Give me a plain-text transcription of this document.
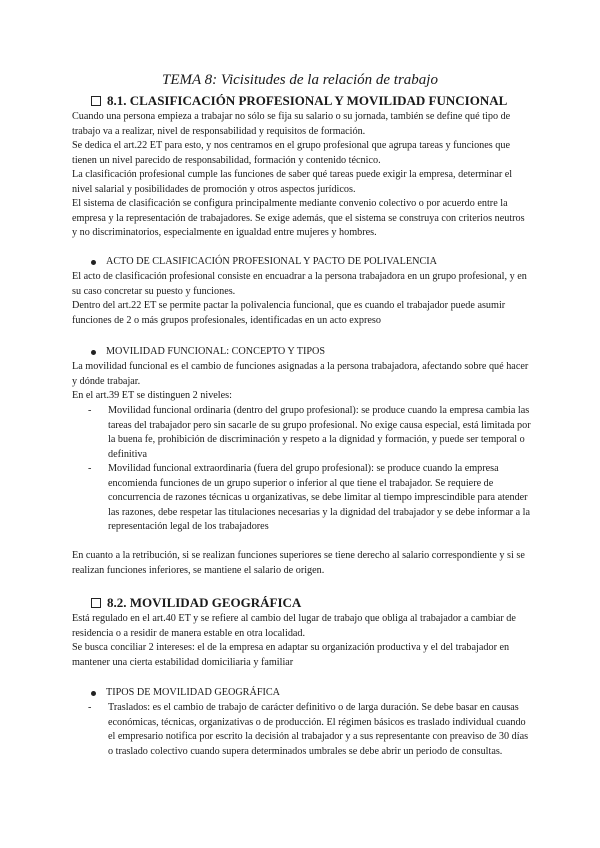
TEMA 8: Vicisitudes de la relación de trabajo
8.1. CLASIFICACIÓN PROFESIONAL Y MOVILIDAD FUNCIONAL

Cuando una persona empieza a trabajar no sólo se fija su salario o su jornada, también se define qué tipo de trabajo va a realizar, nivel de responsabilidad y requisitos de formación.

Se dedica el art.22 ET para esto, y nos centramos en el grupo profesional que agrupa tareas y funciones que tienen un nivel parecido de responsabilidad, formación y contenido técnico.

La clasificación profesional cumple las funciones de saber qué tareas puede exigir la empresa, determinar el nivel salarial y posibilidades de promoción y otros aspectos jurídicos.

El sistema de clasificación se configura principalmente mediante convenio colectivo o por acuerdo entre la empresa y la representación de trabajadores. Se exige además, que el sistema se construya con criterios neutros y no discriminatorios, especialmente en igualdad entre mujeres y hombres.

ACTO DE CLASIFICACIÓN PROFESIONAL Y PACTO DE POLIVALENCIA

El acto de clasificación profesional consiste en encuadrar a la persona trabajadora en un grupo profesional, y en su caso concretar su puesto y funciones.

Dentro del art.22 ET se permite pactar la polivalencia funcional, que es cuando el trabajador puede asumir funciones de 2 o más grupos profesionales, identificadas en un acto expreso

MOVILIDAD FUNCIONAL: CONCEPTO Y TIPOS

La movilidad funcional es el cambio de funciones asignadas a la persona trabajadora, afectando sobre qué hacer y dónde trabajar.

En el art.39 ET se distinguen 2 niveles:

- Movilidad funcional ordinaria (dentro del grupo profesional): se produce cuando la empresa cambia las tareas del trabajador pero sin sacarle de su grupo profesional. No exige causa especial, está limitada por la buena fe, prohibición de discriminación y respeto a la dignidad y formación, y puede ser temporal o definitiva
- Movilidad funcional extraordinaria (fuera del grupo profesional): se produce cuando la empresa encomienda funciones de un grupo superior o inferior al que tiene el trabajador. Se requiere de concurrencia de razones técnicas u organizativas, se debe limitar al tiempo imprescindible para atender las razones, debe respetar las titulaciones necesarias y la dignidad del trabajador y se debe informar a la representación legal de los trabajadores

En cuanto a la retribución, si se realizan funciones superiores se tiene derecho al salario correspondiente y si se realizan funciones inferiores, se mantiene el salario de origen.

8.2. MOVILIDAD GEOGRÁFICA

Está regulado en el art.40 ET y se refiere al cambio del lugar de trabajo que obliga al trabajador a cambiar de residencia o a residir de manera estable en otra localidad.

Se busca conciliar 2 intereses: el de la empresa en adaptar su organización productiva y el del trabajador en mantener una cierta estabilidad domiciliaria y familiar

TIPOS DE MOVILIDAD GEOGRÁFICA
- Traslados: es el cambio de trabajo de carácter definitivo o de larga duración. Se debe basar en causas económicas, técnicas, organizativas o de producción. El régimen básicos es traslado individual cuando el empresario notifica por escrito la decisión al trabajador y a sus representante con preaviso de 30 días o traslado colectivo cuando supera determinados umbrales se debe abrir un periodo de consultas.
